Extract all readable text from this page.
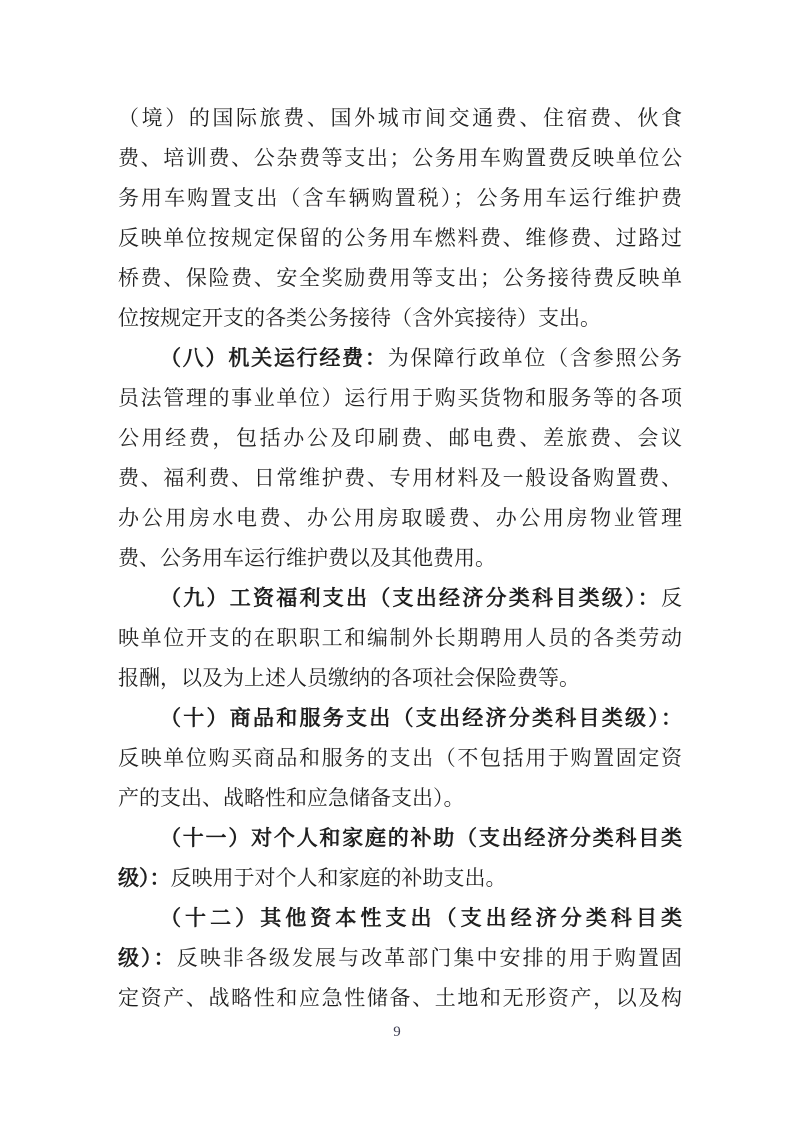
（境）的国际旅费、国外城市间交通费、住宿费、伙食
费、培训费、公杂费等支出；公务用车购置费反映单位公
务用车购置支出（含车辆购置税）；公务用车运行维护费
反映单位按规定保留的公务用车燃料费、维修费、过路过
桥费、保险费、安全奖励费用等支出；公务接待费反映单
位按规定开支的各类公务接待（含外宾接待）支出。
（八）机关运行经费：为保障行政单位（含参照公务
员法管理的事业单位）运行用于购买货物和服务等的各项
公用经费，包括办公及印刷费、邮电费、差旅费、会议
费、福利费、日常维护费、专用材料及一般设备购置费、
办公用房水电费、办公用房取暖费、办公用房物业管理
费、公务用车运行维护费以及其他费用。
（九）工资福利支出（支出经济分类科目类级）：反
映单位开支的在职职工和编制外长期聘用人员的各类劳动
报酬，以及为上述人员缴纳的各项社会保险费等。
（十）商品和服务支出（支出经济分类科目类级）：
反映单位购买商品和服务的支出（不包括用于购置固定资
产的支出、战略性和应急储备支出）。
（十一）对个人和家庭的补助（支出经济分类科目类
级）：反映用于对个人和家庭的补助支出。
（十二）其他资本性支出（支出经济分类科目类
级）：反映非各级发展与改革部门集中安排的用于购置固
定资产、战略性和应急性储备、土地和无形资产，以及构
9
